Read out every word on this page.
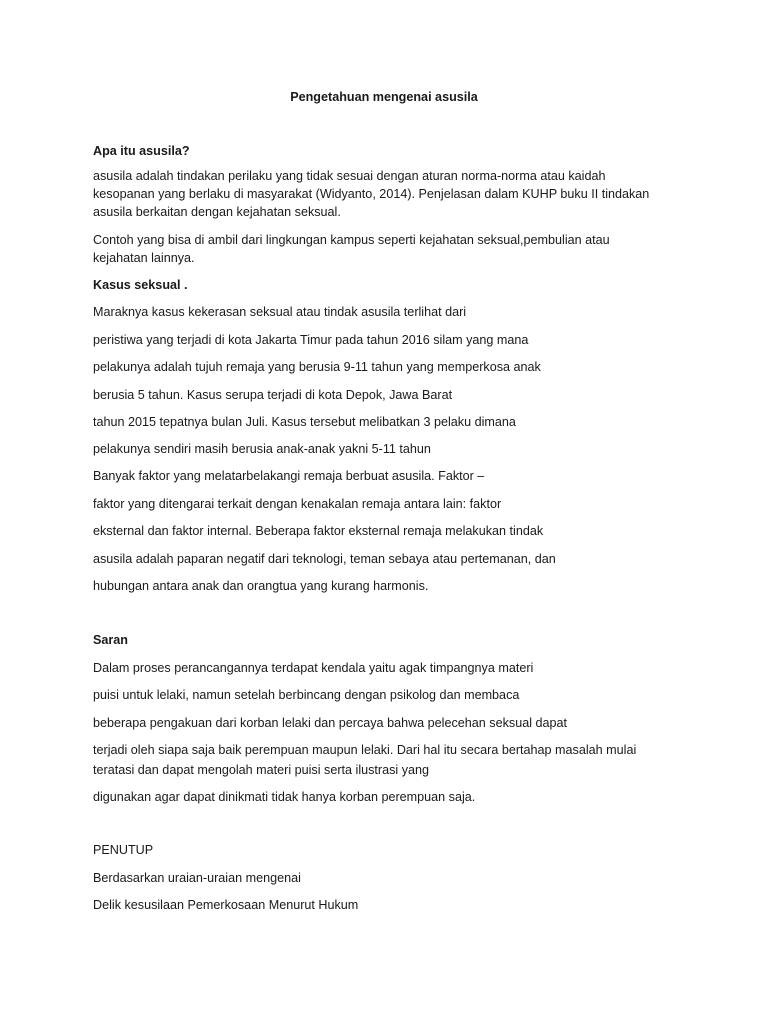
Pengetahuan mengenai asusila

Apa itu asusila?

asusila adalah tindakan perilaku yang tidak sesuai dengan aturan norma-norma atau kaidah

kesopanan yang berlaku di masyarakat (Widyanto, 2014). Penjelasan dalam KUHP buku II tindakan

asusila berkaitan dengan kejahatan seksual.

Contoh yang bisa di ambil dari lingkungan kampus seperti kejahatan seksual,pembulian atau

kejahatan lainnya.

Kasus seksual .

Maraknya kasus kekerasan seksual atau tindak asusila terlihat dari

peristiwa yang terjadi di kota Jakarta Timur pada tahun 2016 silam yang mana

pelakunya adalah tujuh remaja yang berusia 9-11 tahun yang memperkosa anak

berusia 5 tahun. Kasus serupa terjadi di kota Depok, Jawa Barat

tahun 2015 tepatnya bulan Juli. Kasus tersebut melibatkan 3 pelaku dimana

pelakunya sendiri masih berusia anak-anak yakni 5-11 tahun

Banyak faktor yang melatarbelakangi remaja berbuat asusila. Faktor –

faktor yang ditengarai terkait dengan kenakalan remaja antara lain: faktor

eksternal dan faktor internal. Beberapa faktor eksternal remaja melakukan tindak

asusila adalah paparan negatif dari teknologi, teman sebaya atau pertemanan, dan

hubungan antara anak dan orangtua yang kurang harmonis.

Saran

Dalam proses perancangannya terdapat kendala yaitu agak timpangnya materi

puisi untuk lelaki, namun setelah berbincang dengan psikolog dan membaca

beberapa pengakuan dari korban lelaki dan percaya bahwa pelecehan seksual dapat

terjadi oleh siapa saja baik perempuan maupun lelaki. Dari hal itu secara bertahap masalah mulai

teratasi dan dapat mengolah materi puisi serta ilustrasi yang

digunakan agar dapat dinikmati tidak hanya korban perempuan saja.

PENUTUP

Berdasarkan uraian-uraian mengenai

Delik kesusilaan Pemerkosaan Menurut Hukum
